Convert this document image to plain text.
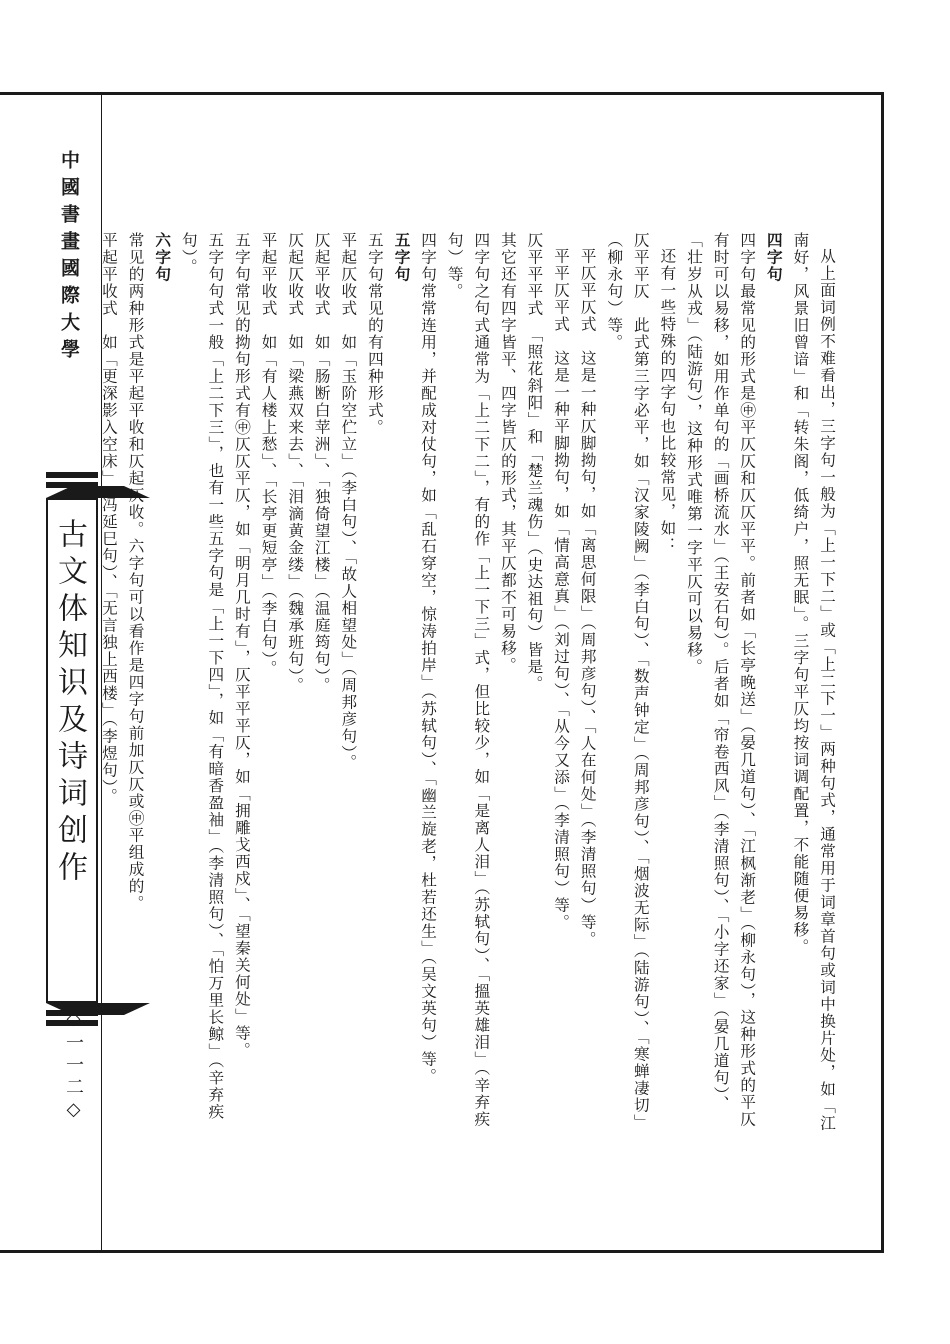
中國書畫國際大學
古文体知识及诗词创作
◇一一二◇	从上面词例不难看出，三字句一般为「上一下二」或「上二下一」两种句式，通常用于词章首句或词中换片处，如「江南好，风景旧曾谙」和「转朱阁，低绮户，照无眠」。三字句平仄均按词调配置，不能随便易移。

四字句

四字句最常见的形式是㊥平仄仄和仄仄平平。前者如「长亭晚送」（晏几道句）、「江枫渐老」（柳永句），这种形式的平仄有时可以易移，如用作单句的「画桥流水」（王安石句）。后者如「帘卷西风」（李清照句）、「小字还家」（晏几道句）、「壮岁从戎」（陆游句），这种形式唯第一字平仄可以易移。

还有一些特殊的四字句也比较常见，如：

仄平平仄　此式第三字必平，如「汉家陵阙」（李白句）、「数声钟定」（周邦彦句）、「烟波无际」（陆游句）、「寒蝉凄切」（柳永句）等。

平仄平仄式　这是一种仄脚拗句，如「离思何限」（周邦彦句）、「人在何处」（李清照句）等。

平平仄平式　这是一种平脚拗句，如「情高意真」（刘过句）、「从今又添」（李清照句）等。

仄平平平式　「照花斜阳」和「楚兰魂伤」（史达祖句）皆是。

其它还有四字皆平、四字皆仄的形式，其平仄都不可易移。

四字句之句式通常为「上二下二」，有的作「上一下三」式，但比较少，如「是离人泪」（苏轼句）、「搵英雄泪」（辛弃疾句）等。

四字句常常连用，并配成对仗句，如「乱石穿空，惊涛拍岸」（苏轼句）、「幽兰旋老，杜若还生」（吴文英句）等。

五字句

五字句常见的有四种形式。

平起仄收式　如「玉阶空伫立」（李白句）、「故人相望处」（周邦彦句）。

仄起平收式　如「肠断白苹洲」、「独倚望江楼」（温庭筠句）。

仄起仄收式　如「梁燕双来去」、「泪滴黄金缕」（魏承班句）。

平起平收式　如「有人楼上愁」、「长亭更短亭」（李白句）。

五字句常见的拗句形式有㊥仄仄平仄，如「明月几时有」，仄平平平仄，如「拥雕戈西戍」、「望秦关何处」等。

五字句句式一般「上二下三」，也有一些五字句是「上一下四」，如「有暗香盈袖」（李清照句）、「怕万里长鲸」（辛弃疾句）。

六字句

常见的两种形式是平起平收和仄起仄收。六字句可以看作是四字句前加仄仄或㊥平组成的。

平起平收式　如「更深影入空床」（冯延巳句）、「无言独上西楼」（李煜句）。
